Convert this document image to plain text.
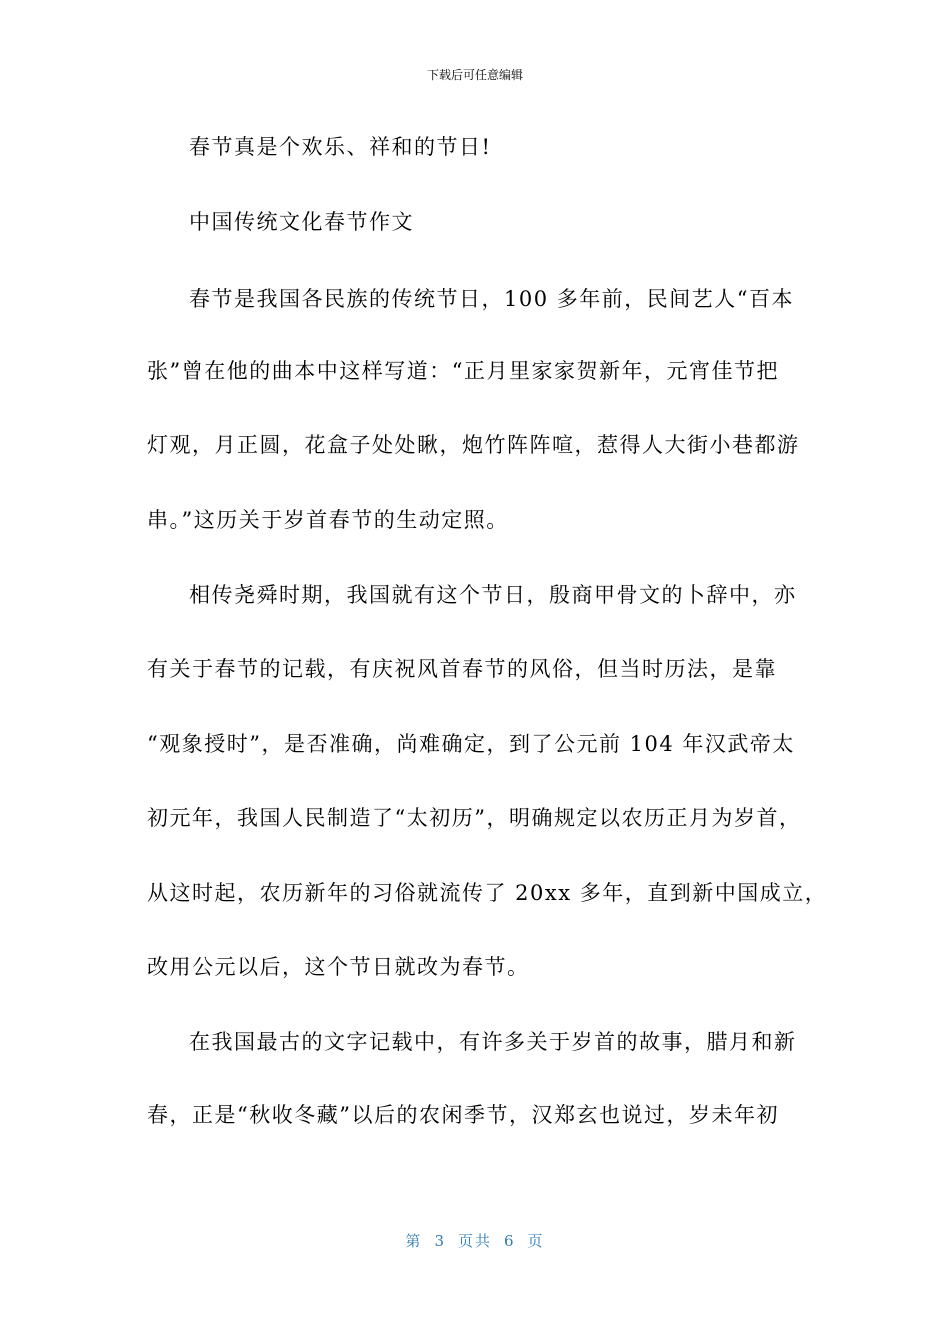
下载后可任意编辑
春节真是个欢乐、祥和的节日!
中国传统文化春节作文
春节是我国各民族的传统节日，100 多年前，民间艺人“百本
张”曾在他的曲本中这样写道：“正月里家家贺新年，元宵佳节把
灯观，月正圆，花盒子处处瞅，炮竹阵阵喧，惹得人大街小巷都游
串。”这历关于岁首春节的生动定照。
相传尧舜时期，我国就有这个节日，殷商甲骨文的卜辞中，亦
有关于春节的记载，有庆祝风首春节的风俗，但当时历法，是靠
“观象授时”，是否准确，尚难确定，到了公元前 104 年汉武帝太
初元年，我国人民制造了“太初历”，明确规定以农历正月为岁首，
从这时起，农历新年的习俗就流传了 20xx 多年，直到新中国成立，
改用公元以后，这个节日就改为春节。
在我国最古的文字记载中，有许多关于岁首的故事，腊月和新
春，正是“秋收冬藏”以后的农闲季节，汉郑玄也说过，岁未年初
第 3 页共 6 页
